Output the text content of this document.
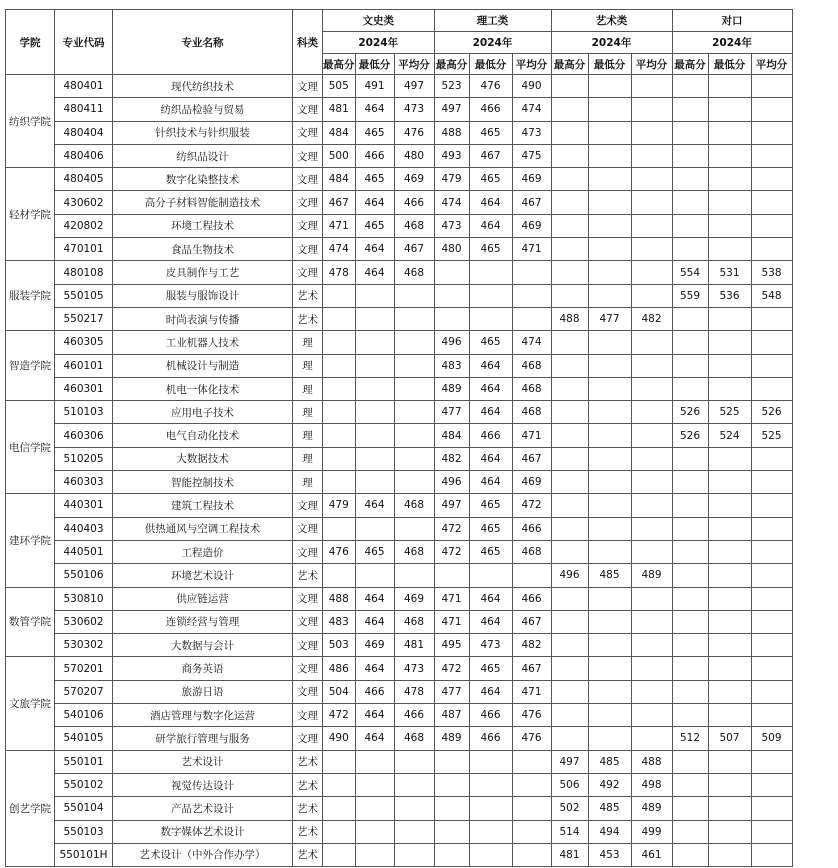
学院	专业代码	专业名称	科类	文史类			理工类			艺术类			对口		
				2024年			2024年			2024年			2024年		
				最高分	最低分	平均分	最高分	最低分	平均分	最高分	最低分	平均分	最高分	最低分	平均分
纺织学院	480401	现代纺织技术	文理	505	491	497	523	476	490						
	480411	纺织品检验与贸易	文理	481	464	473	497	466	474						
	480404	针织技术与针织服装	文理	484	465	476	488	465	473						
	480406	纺织品设计	文理	500	466	480	493	467	475						
轻材学院	480405	数字化染整技术	文理	484	465	469	479	465	469						
	430602	高分子材料智能制造技术	文理	467	464	466	474	464	467						
	420802	环境工程技术	文理	471	465	468	473	464	469						
	470101	食品生物技术	文理	474	464	467	480	465	471						
服装学院	480108	皮具制作与工艺	文理	478	464	468							554	531	538
	550105	服装与服饰设计	艺术										559	536	548
	550217	时尚表演与传播	艺术							488	477	482			
智造学院	460305	工业机器人技术	理				496	465	474						
	460101	机械设计与制造	理				483	464	468						
	460301	机电一体化技术	理				489	464	468						
电信学院	510103	应用电子技术	理				477	464	468				526	525	526
	460306	电气自动化技术	理				484	466	471				526	524	525
	510205	大数据技术	理				482	464	467						
	460303	智能控制技术	理				496	464	469						
建环学院	440301	建筑工程技术	文理	479	464	468	497	465	472						
	440403	供热通风与空调工程技术	文理				472	465	466						
	440501	工程造价	文理	476	465	468	472	465	468						
	550106	环境艺术设计	艺术							496	485	489			
数管学院	530810	供应链运营	文理	488	464	469	471	464	466						
	530602	连锁经营与管理	文理	483	464	468	471	464	467						
	530302	大数据与会计	文理	503	469	481	495	473	482						
文旅学院	570201	商务英语	文理	486	464	473	472	465	467						
	570207	旅游日语	文理	504	466	478	477	464	471						
	540106	酒店管理与数字化运营	文理	472	464	466	487	466	476						
	540105	研学旅行管理与服务	文理	490	464	468	489	466	476				512	507	509
创艺学院	550101	艺术设计	艺术							497	485	488			
	550102	视觉传达设计	艺术							506	492	498			
	550104	产品艺术设计	艺术							502	485	489			
	550103	数字媒体艺术设计	艺术							514	494	499			
	550101H	艺术设计（中外合作办学）	艺术							481	453	461			
